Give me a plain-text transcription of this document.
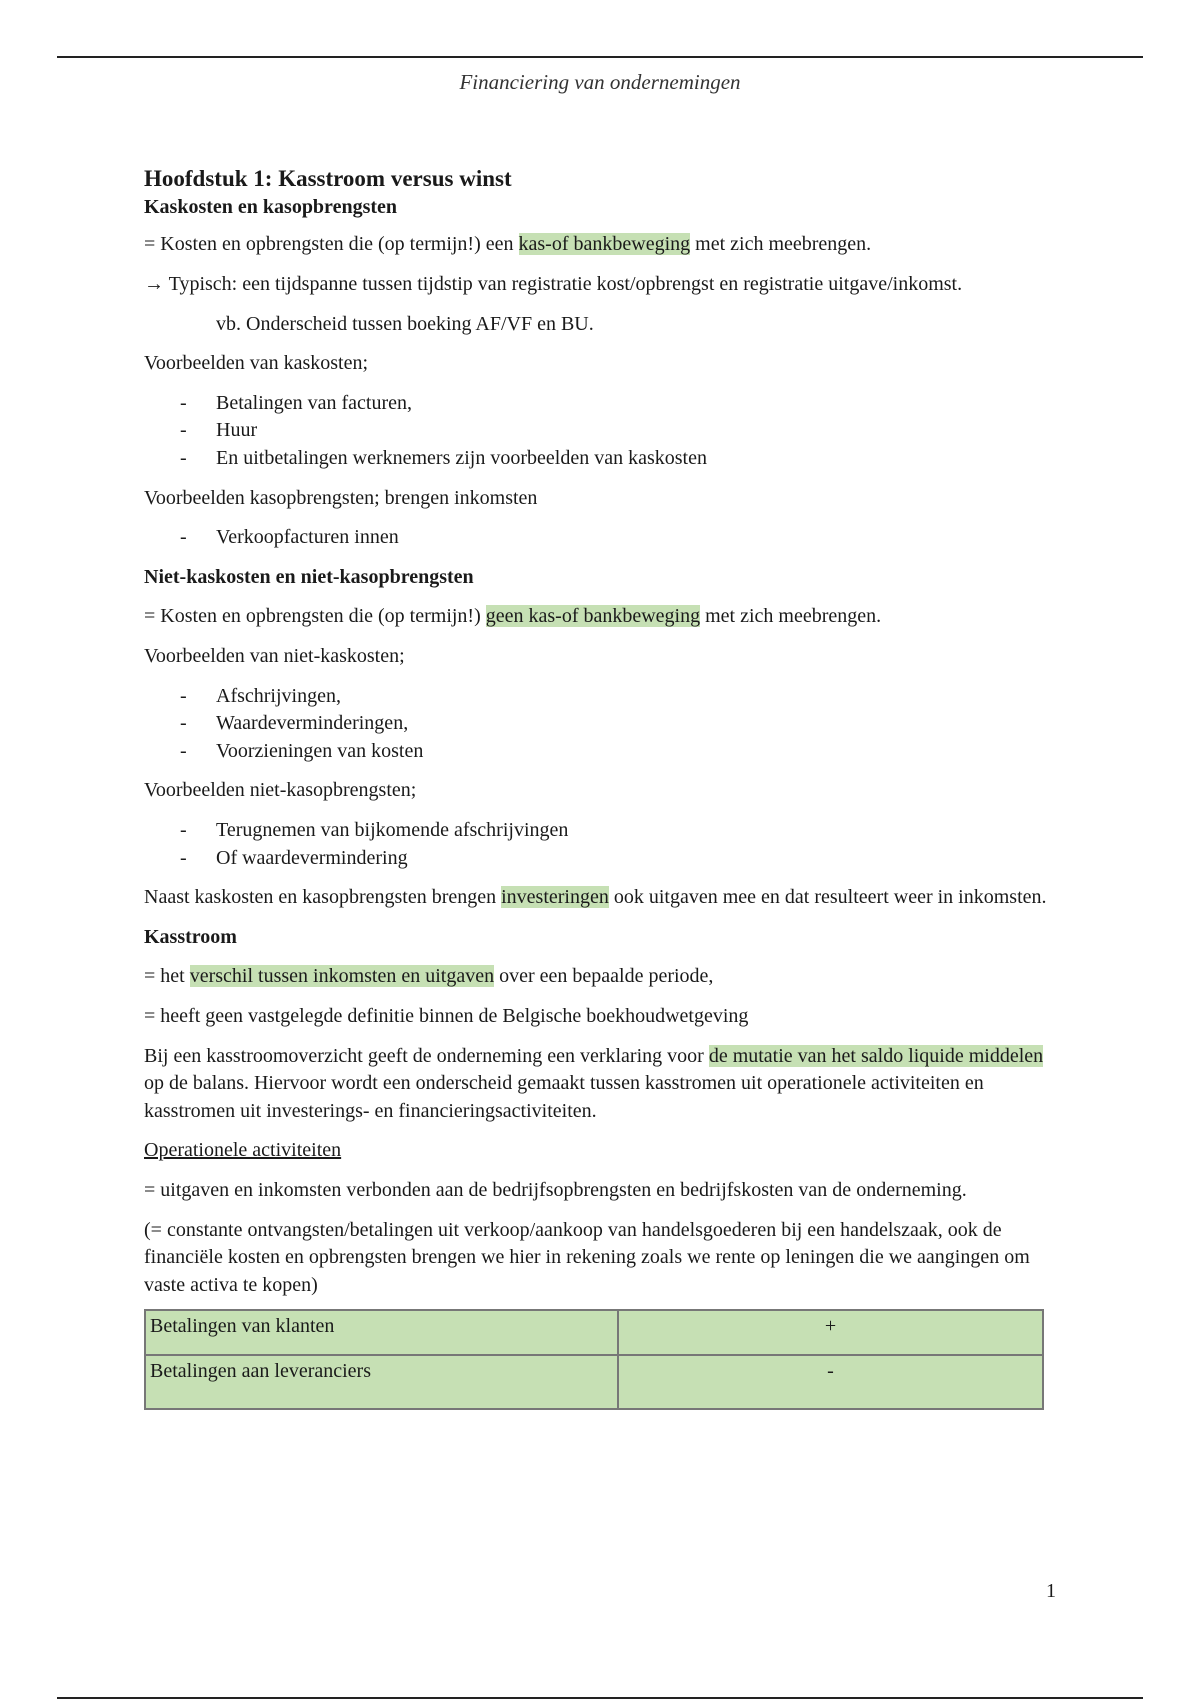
Financiering van ondernemingen

Hoofdstuk 1: Kasstroom versus winst

Kaskosten en kasopbrengsten

= Kosten en opbrengsten die (op termijn!) een kas-of bankbeweging met zich meebrengen.

→ Typisch: een tijdspanne tussen tijdstip van registratie kost/opbrengst en registratie uitgave/inkomst.

vb. Onderscheid tussen boeking AF/VF en BU.

Voorbeelden van kaskosten;

- Betalingen van facturen,
- Huur
- En uitbetalingen werknemers zijn voorbeelden van kaskosten

Voorbeelden kasopbrengsten; brengen inkomsten

- Verkoopfacturen innen

Niet-kaskosten en niet-kasopbrengsten

= Kosten en opbrengsten die (op termijn!) geen kas-of bankbeweging met zich meebrengen.

Voorbeelden van niet-kaskosten;

- Afschrijvingen,
- Waardeverminderingen,
- Voorzieningen van kosten

Voorbeelden niet-kasopbrengsten;

- Terugnemen van bijkomende afschrijvingen
- Of waardevermindering

Naast kaskosten en kasopbrengsten brengen investeringen ook uitgaven mee en dat resulteert weer in inkomsten.

Kasstroom

= het verschil tussen inkomsten en uitgaven over een bepaalde periode,

= heeft geen vastgelegde definitie binnen de Belgische boekhoudwetgeving

Bij een kasstroomoverzicht geeft de onderneming een verklaring voor de mutatie van het saldo liquide middelen op de balans. Hiervoor wordt een onderscheid gemaakt tussen kasstromen uit operationele activiteiten en kasstromen uit investerings- en financieringsactiviteiten.

Operationele activiteiten

= uitgaven en inkomsten verbonden aan de bedrijfsopbrengsten en bedrijfskosten van de onderneming.

(= constante ontvangsten/betalingen uit verkoop/aankoop van handelsgoederen bij een handelszaak, ook de financiële kosten en opbrengsten brengen we hier in rekening zoals we rente op leningen die we aangingen om vaste activa te kopen)

Betalingen van klanten	+
Betalingen aan leveranciers	-
1
